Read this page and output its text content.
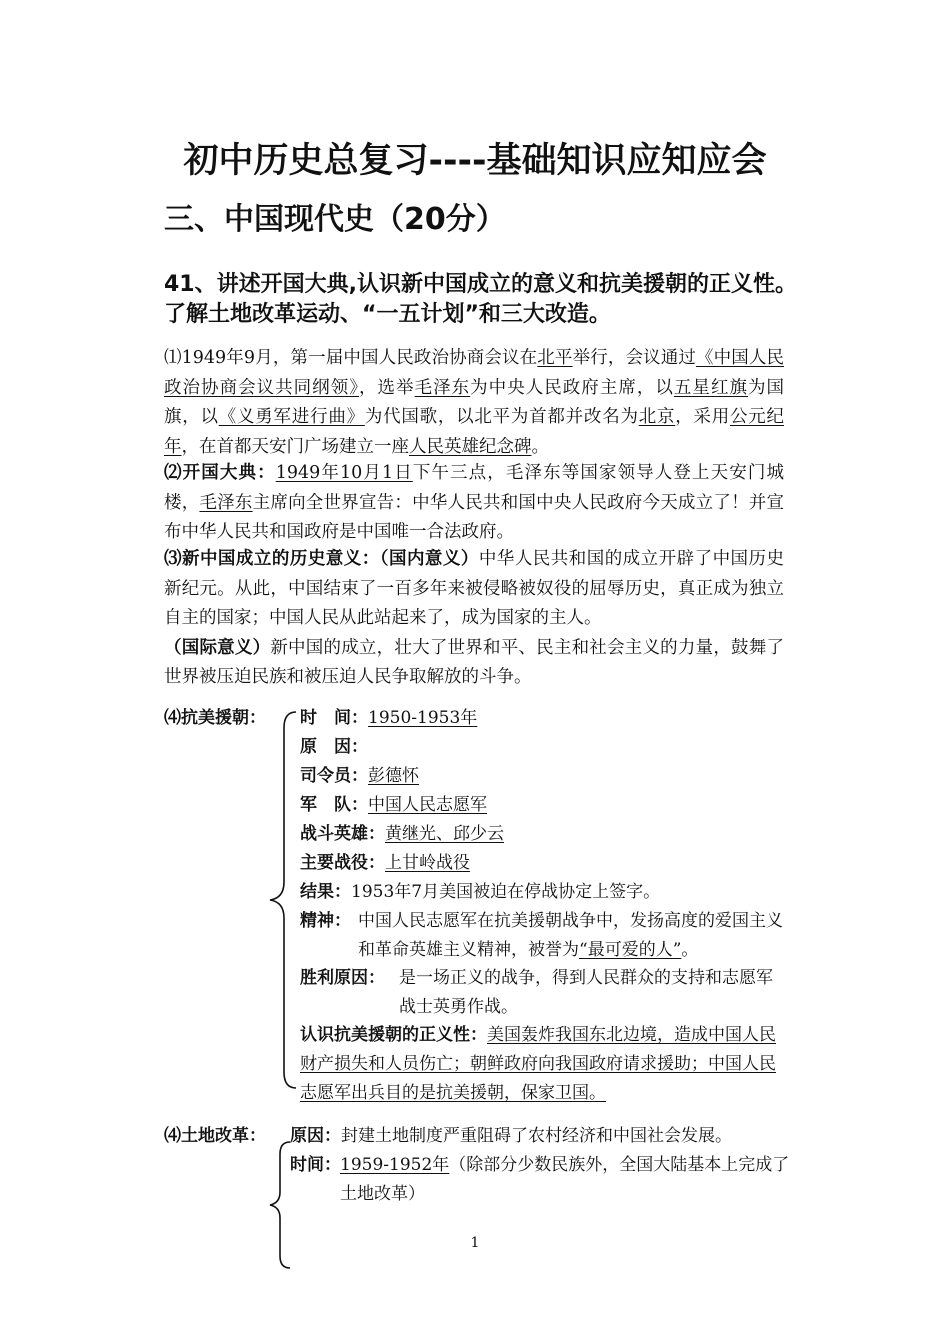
初中历史总复习----基础知识应知应会
三、中国现代史（20分）
41、讲述开国大典,认识新中国成立的意义和抗美援朝的正义性。了解土地改革运动、“一五计划”和三大改造。
⑴1949年9月，第一届中国人民政治协商会议在北平举行，会议通过《中国人民政治协商会议共同纲领》，选举毛泽东为中央人民政府主席，以五星红旗为国旗，以《义勇军进行曲》为代国歌，以北平为首都并改名为北京，采用公元纪年，在首都天安门广场建立一座人民英雄纪念碑。
⑵开国大典：1949年10月1日下午三点，毛泽东等国家领导人登上天安门城楼，毛泽东主席向全世界宣告：中华人民共和国中央人民政府今天成立了！并宣布中华人民共和国政府是中国唯一合法政府。
⑶新中国成立的历史意义：（国内意义）中华人民共和国的成立开辟了中国历史新纪元。从此，中国结束了一百多年来被侵略被奴役的屈辱历史，真正成为独立自主的国家；中国人民从此站起来了，成为国家的主人。
（国际意义）新中国的成立，壮大了世界和平、民主和社会主义的力量，鼓舞了世界被压迫民族和被压迫人民争取解放的斗争。
⑷抗美援朝： 时　间：1950-1953年
原　因：
司令员：彭德怀
军　队：中国人民志愿军
战斗英雄：黄继光、邱少云
主要战役：上甘岭战役
结果：1953年7月美国被迫在停战协定上签字。
精神： 中国人民志愿军在抗美援朝战争中，发扬高度的爱国主义和革命英雄主义精神，被誉为“最可爱的人”。
胜利原因： 是一场正义的战争，得到人民群众的支持和志愿军战士英勇作战。
认识抗美援朝的正义性：美国轰炸我国东北边境，造成中国人民财产损失和人员伤亡；朝鲜政府向我国政府请求援助；中国人民志愿军出兵目的是抗美援朝，保家卫国。
⑷土地改革： 原因：封建土地制度严重阻碍了农村经济和中国社会发展。
时间： 1959-1952年（除部分少数民族外，全国大陆基本上完成了土地改革）
1
